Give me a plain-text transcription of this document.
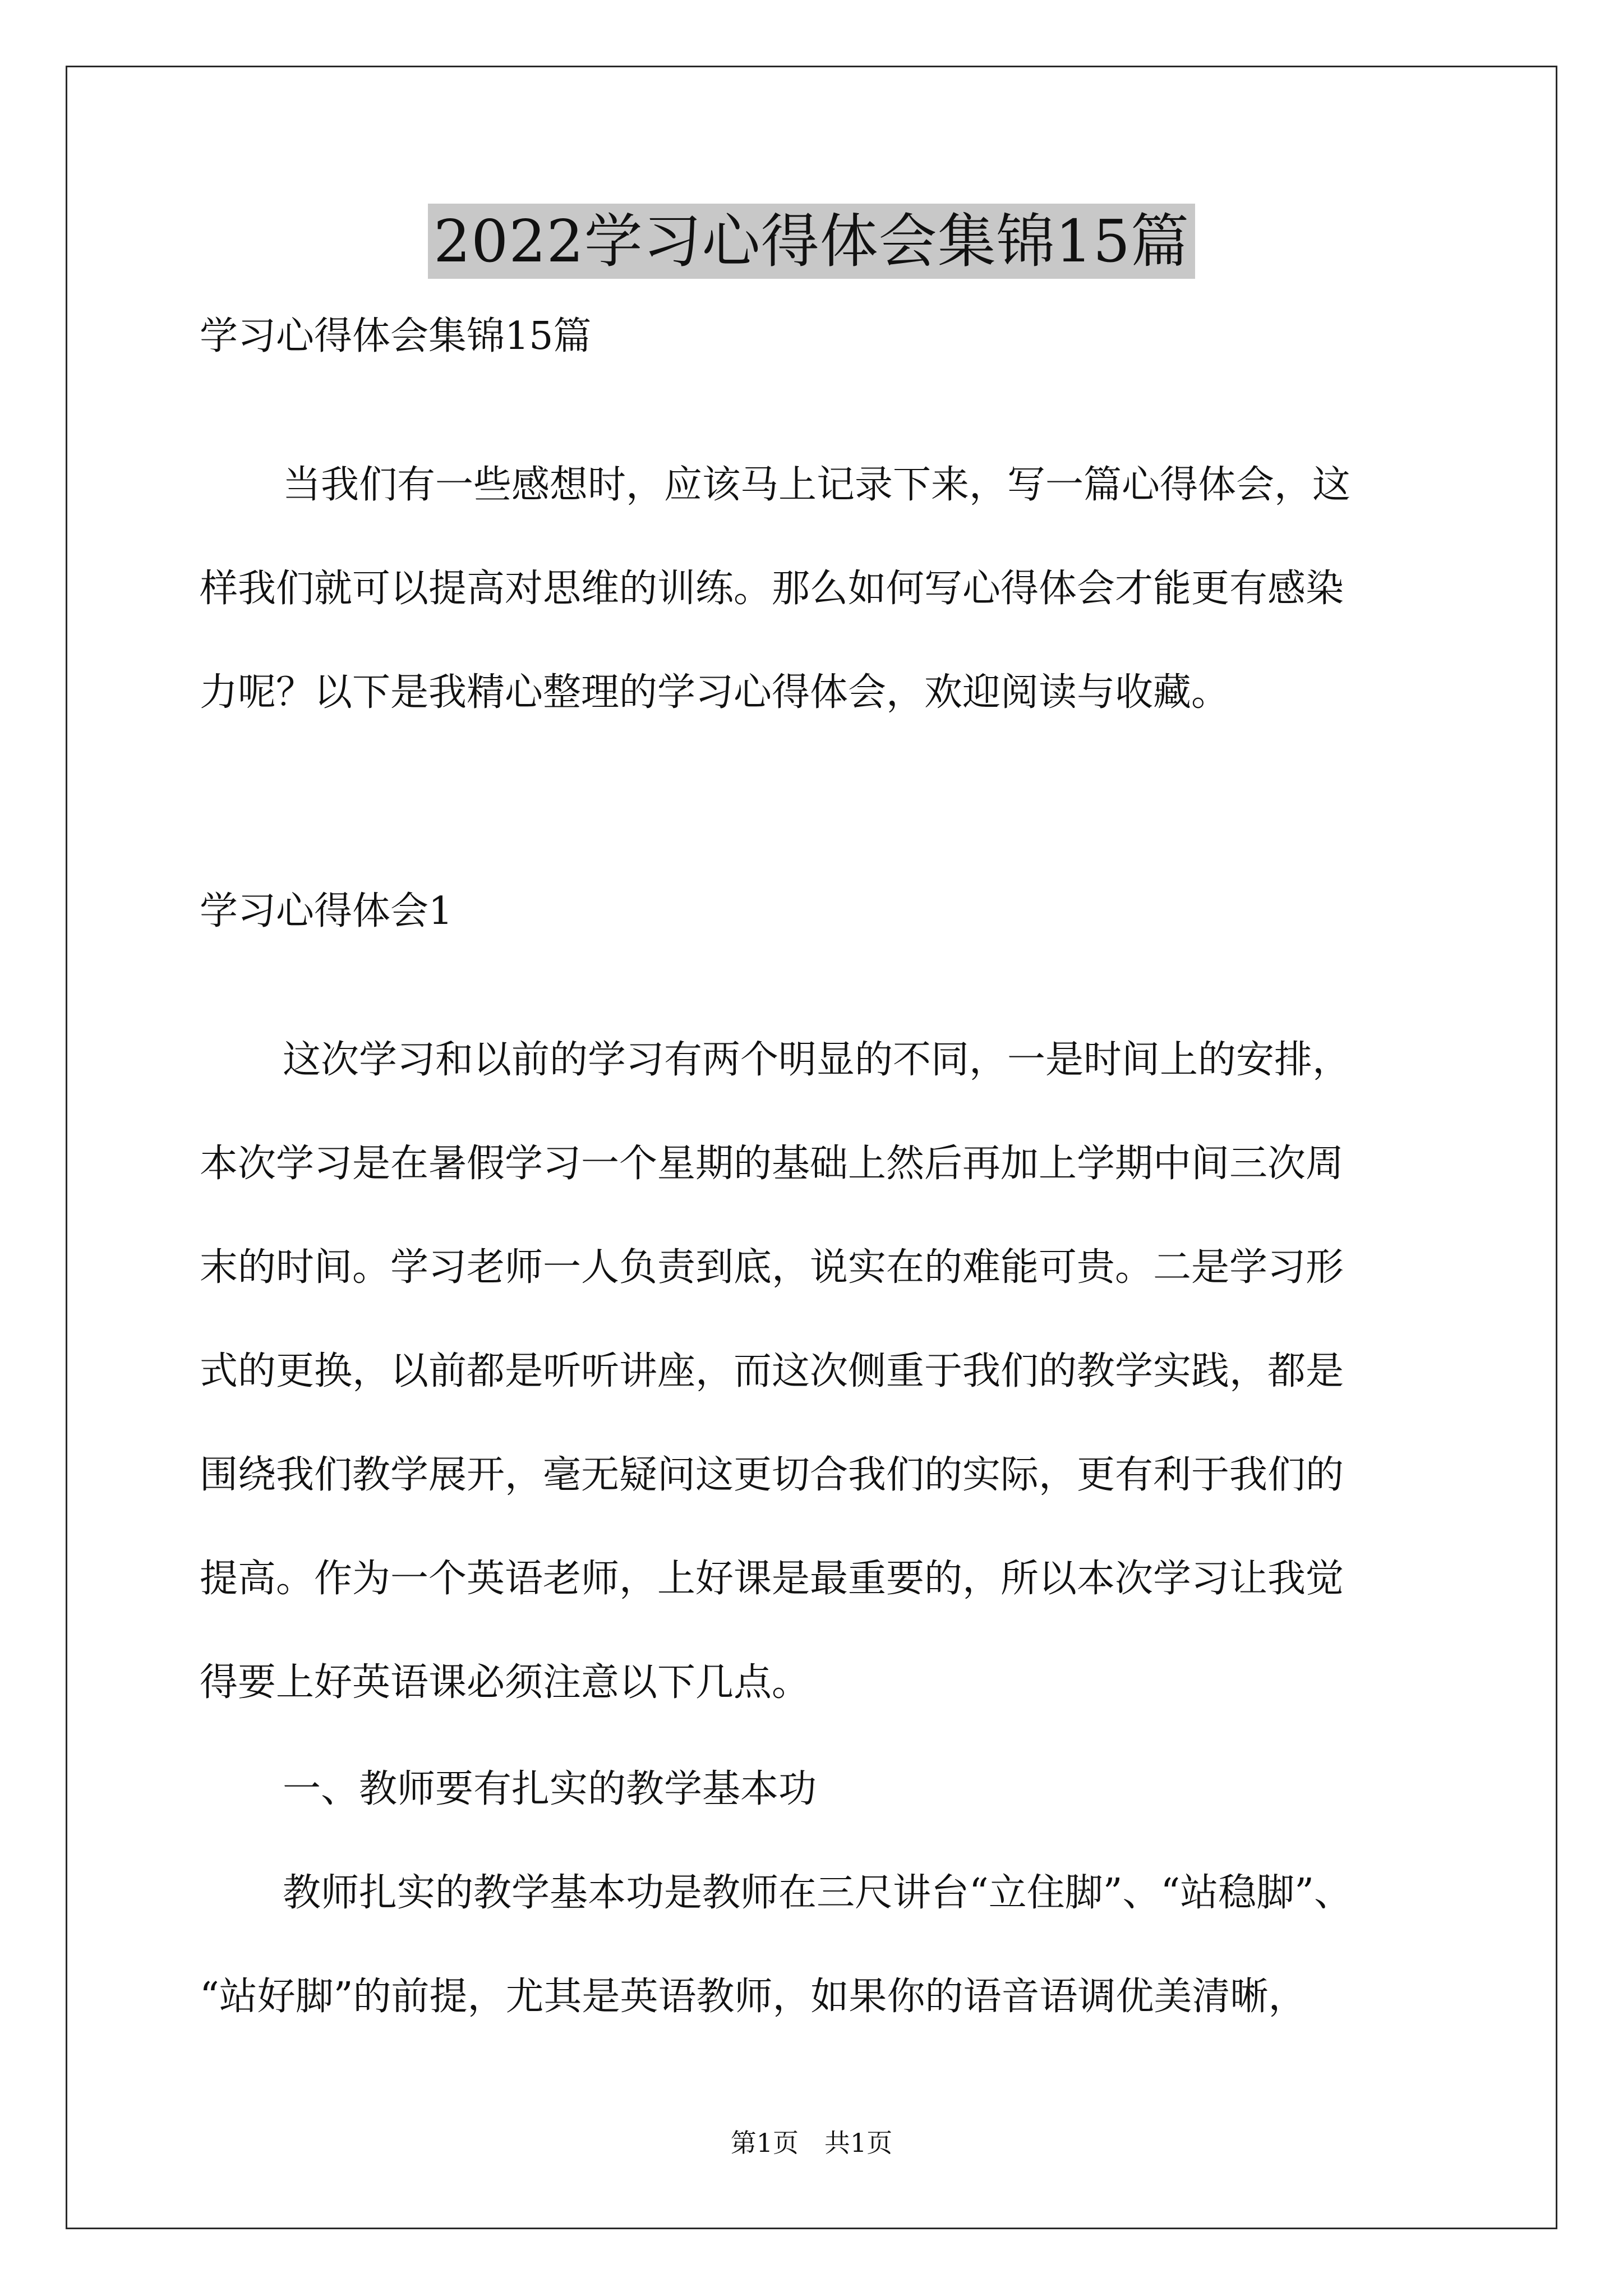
2022学习心得体会集锦15篇
学习心得体会集锦15篇
当我们有一些感想时，应该马上记录下来，写一篇心得体会，这
样我们就可以提高对思维的训练。那么如何写心得体会才能更有感染
力呢？以下是我精心整理的学习心得体会，欢迎阅读与收藏。
学习心得体会1
这次学习和以前的学习有两个明显的不同，一是时间上的安排，
本次学习是在暑假学习一个星期的基础上然后再加上学期中间三次周
末的时间。学习老师一人负责到底，说实在的难能可贵。二是学习形
式的更换，以前都是听听讲座，而这次侧重于我们的教学实践，都是
围绕我们教学展开，毫无疑问这更切合我们的实际，更有利于我们的
提高。作为一个英语老师，上好课是最重要的，所以本次学习让我觉
得要上好英语课必须注意以下几点。
一、教师要有扎实的教学基本功
教师扎实的教学基本功是教师在三尺讲台“立住脚”、“站稳脚”、
“站好脚”的前提，尤其是英语教师，如果你的语音语调优美清晰，
第1页 共1页
